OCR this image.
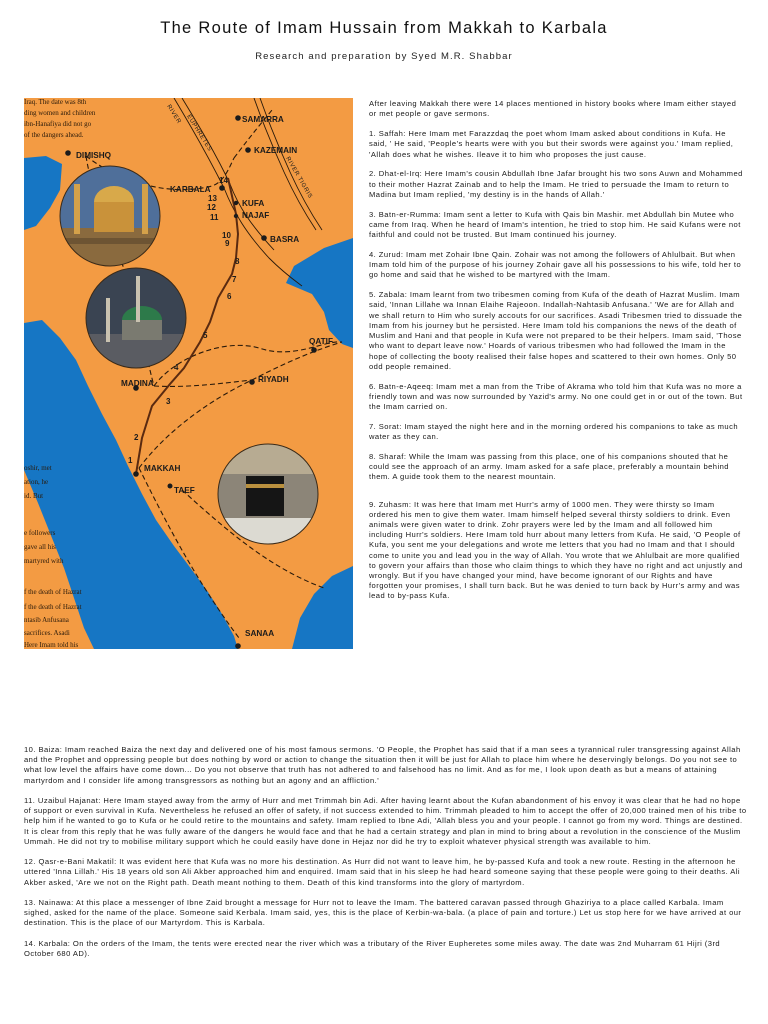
The Route of Imam Hussain from Makkah to Karbala
Research and preparation by Syed M.R. Shabbar
SAMARRA
KAZEMAIN
DIMISHQ
KARBALA
KUFA
NAJAF
BASRA
QATIF
MADINA	RIYADH
MAKKAH
TAEF
SANAA
RIVER EUPHRETES
RIVER TIGRIS
1
2
3
4
5
6
7
8
9
10
11
12
13
14
Iraq. The date was 8th
ding women and children
ibn-Hanafiya did not go
of the dangers ahead.
oshir, met
ation, he
id. But
e followers
gave all his
martyred with
f the death of Hazrat
f the death of Hazrat
ntasib Anfusana
sacrifices. Asadi
Here Imam told his

After leaving Makkah there were 14 places mentioned in history books where Imam either stayed or met people or gave sermons.

1. Saffah: Here Imam met Farazzdaq the poet whom Imam asked about conditions in Kufa. He said, ' He said, 'People's hearts were with you but their swords were against you.' Imam replied, 'Allah does what he wishes. Ileave it to him who proposes the just cause.

2. Dhat-el-Irq: Here Imam's cousin Abdullah Ibne Jafar brought his two sons Auwn and Mohammed to their mother Hazrat Zainab and to help the Imam. He tried to persuade the Imam to return to Madina but Imam replied, 'my destiny is in the hands of Allah.'

3. Batn-er-Rumma: Imam sent a letter to Kufa with Qais bin Mashir. met Abdullah bin Mutee who came from Iraq. When he heard of Imam's intention, he tried to stop him. He said Kufans were not faithful and could not be trusted. But Imam continued his journey.

4. Zurud: Imam met Zohair Ibne Qain. Zohair was not among the followers of Ahlulbait. But when Imam told him of the purpose of his journey Zohair gave all his possessions to his wife, told her to go home and said that he wished to be martyred with the Imam.

5. Zabala: Imam learnt from two tribesmen coming from Kufa of the death of Hazrat Muslim. Imam said, 'Innan Lillahe wa Innan Elaihe Rajeoon. Indallah-Nahtasib Anfusana.' 'We are for Allah and we shall return to Him who surely accouts for our sacrifices. Asadi Tribesmen tried to dissuade the Imam from his journey but he persisted. Here Imam told his companions the news of the death of Muslim and Hani and that people in Kufa were not prepared to be their helpers. Imam said, 'Those who want to depart leave now.' Hoards of various tribesmen who had followed the Imam in the hope of collecting the booty realised their false hopes and scattered to their own homes. Only 50 odd people remained.

6. Batn-e-Aqeeq: Imam met a man from the Tribe of Akrama who told him that Kufa was no more a friendly town and was now surrounded by Yazid's army. No one could get in or out of the town. But the Imam carried on.

7. Sorat: Imam stayed the night here and in the morning ordered his companions to take as much water as they can.

8. Sharaf: While the Imam was passing from this place, one of his companions shouted that he could see the approach of an army. Imam asked for a safe place, preferably a mountain behind them. A guide took them to the nearest mountain.

9. Zuhasm: It was here that Imam met Hurr's army of 1000 men. They were thirsty so Imam ordered his men to give them water. Imam himself helped several thirsty soldiers to drink. Even animals were given water to drink. Zohr prayers were led by the Imam and all followed him including Hurr's soldiers. Here Imam told hurr about many letters from Kufa. He said, 'O People of Kufa, you sent me your delegations and wrote me letters that you had no Imam and that I should come to unite you and lead you in the way of Allah. You wrote that we Ahlulbait are more qualified to govern your affairs than those who claim things to which they have no right and act unjustly and wrongly. But if you have changed your mind, have become ignorant of our Rights and have forgotten your promises, I shall turn back. But he was denied to turn back by Hurr's army and was lead to by-pass Kufa.

10. Baiza: Imam reached Baiza the next day and delivered one of his most famous sermons. 'O People, the Prophet has said that if a man sees a tyrannical ruler transgressing against Allah and the Prophet and oppressing people but does nothing by word or action to change the situation then it will be just for Allah to place him where he deservingly belongs. Do you not see to what low level the affairs have come down... Do you not observe that truth has not adhered to and falsehood has no limit. And as for me, I look upon death as but a means of attaining martyrdom and I consider life among transgressors as nothing but an agony and an affliction.'

11. Uzaibul Hajanat: Here Imam stayed away from the army of Hurr and met Trimmah bin Adi. After having learnt about the Kufan abandonment of his envoy it was clear that he had no hope of support or even survival in Kufa. Nevertheless he refused an offer of safety, if not success extended to him. Trimmah pleaded to him to accept the offer of 20,000 trained men of his tribe to help him if he wanted to go to Kufa or he could retire to the mountains and safety. Imam replied to Ibne Adi, 'Allah bless you and your people. I cannot go from my word. Things are destined. It is clear from this reply that he was fully aware of the dangers he would face and that he had a certain strategy and plan in mind to bring about a revolution in the conscience of the Muslim Ummah. He did not try to mobilise military support which he could easily have done in Hejaz nor did he try to exploit whatever physical strength was available to him.

12. Qasr-e-Bani Makatil: It was evident here that Kufa was no more his destination. As Hurr did not want to leave him, he by-passed Kufa and took a new route. Resting in the afternoon he uttered 'Inna Lillah.' His 18 years old son Ali Akber approached him and enquired. Imam said that in his sleep he had heard someone saying that these people were going to their deaths. Ali Akber asked, 'Are we not on the Right path. Death meant nothing to them. Death of this kind transforms into the glory of martyrdom.

13. Nainawa: At this place a messenger of Ibne Zaid brought a message for Hurr not to leave the Imam. The battered caravan passed through Ghaziriya to a place called Karbala. Imam sighed, asked for the name of the place. Someone said Kerbala. Imam said, yes, this is the place of Kerbin-wa-bala. (a place of pain and torture.) Let us stop here for we have arrived at our destination. This is the place of our Martyrdom. This is Karbala.

14. Karbala: On the orders of the Imam, the tents were erected near the river which was a tributary of the River Eupheretes some miles away. The date was 2nd Muharram 61 Hijri (3rd October 680 AD).
